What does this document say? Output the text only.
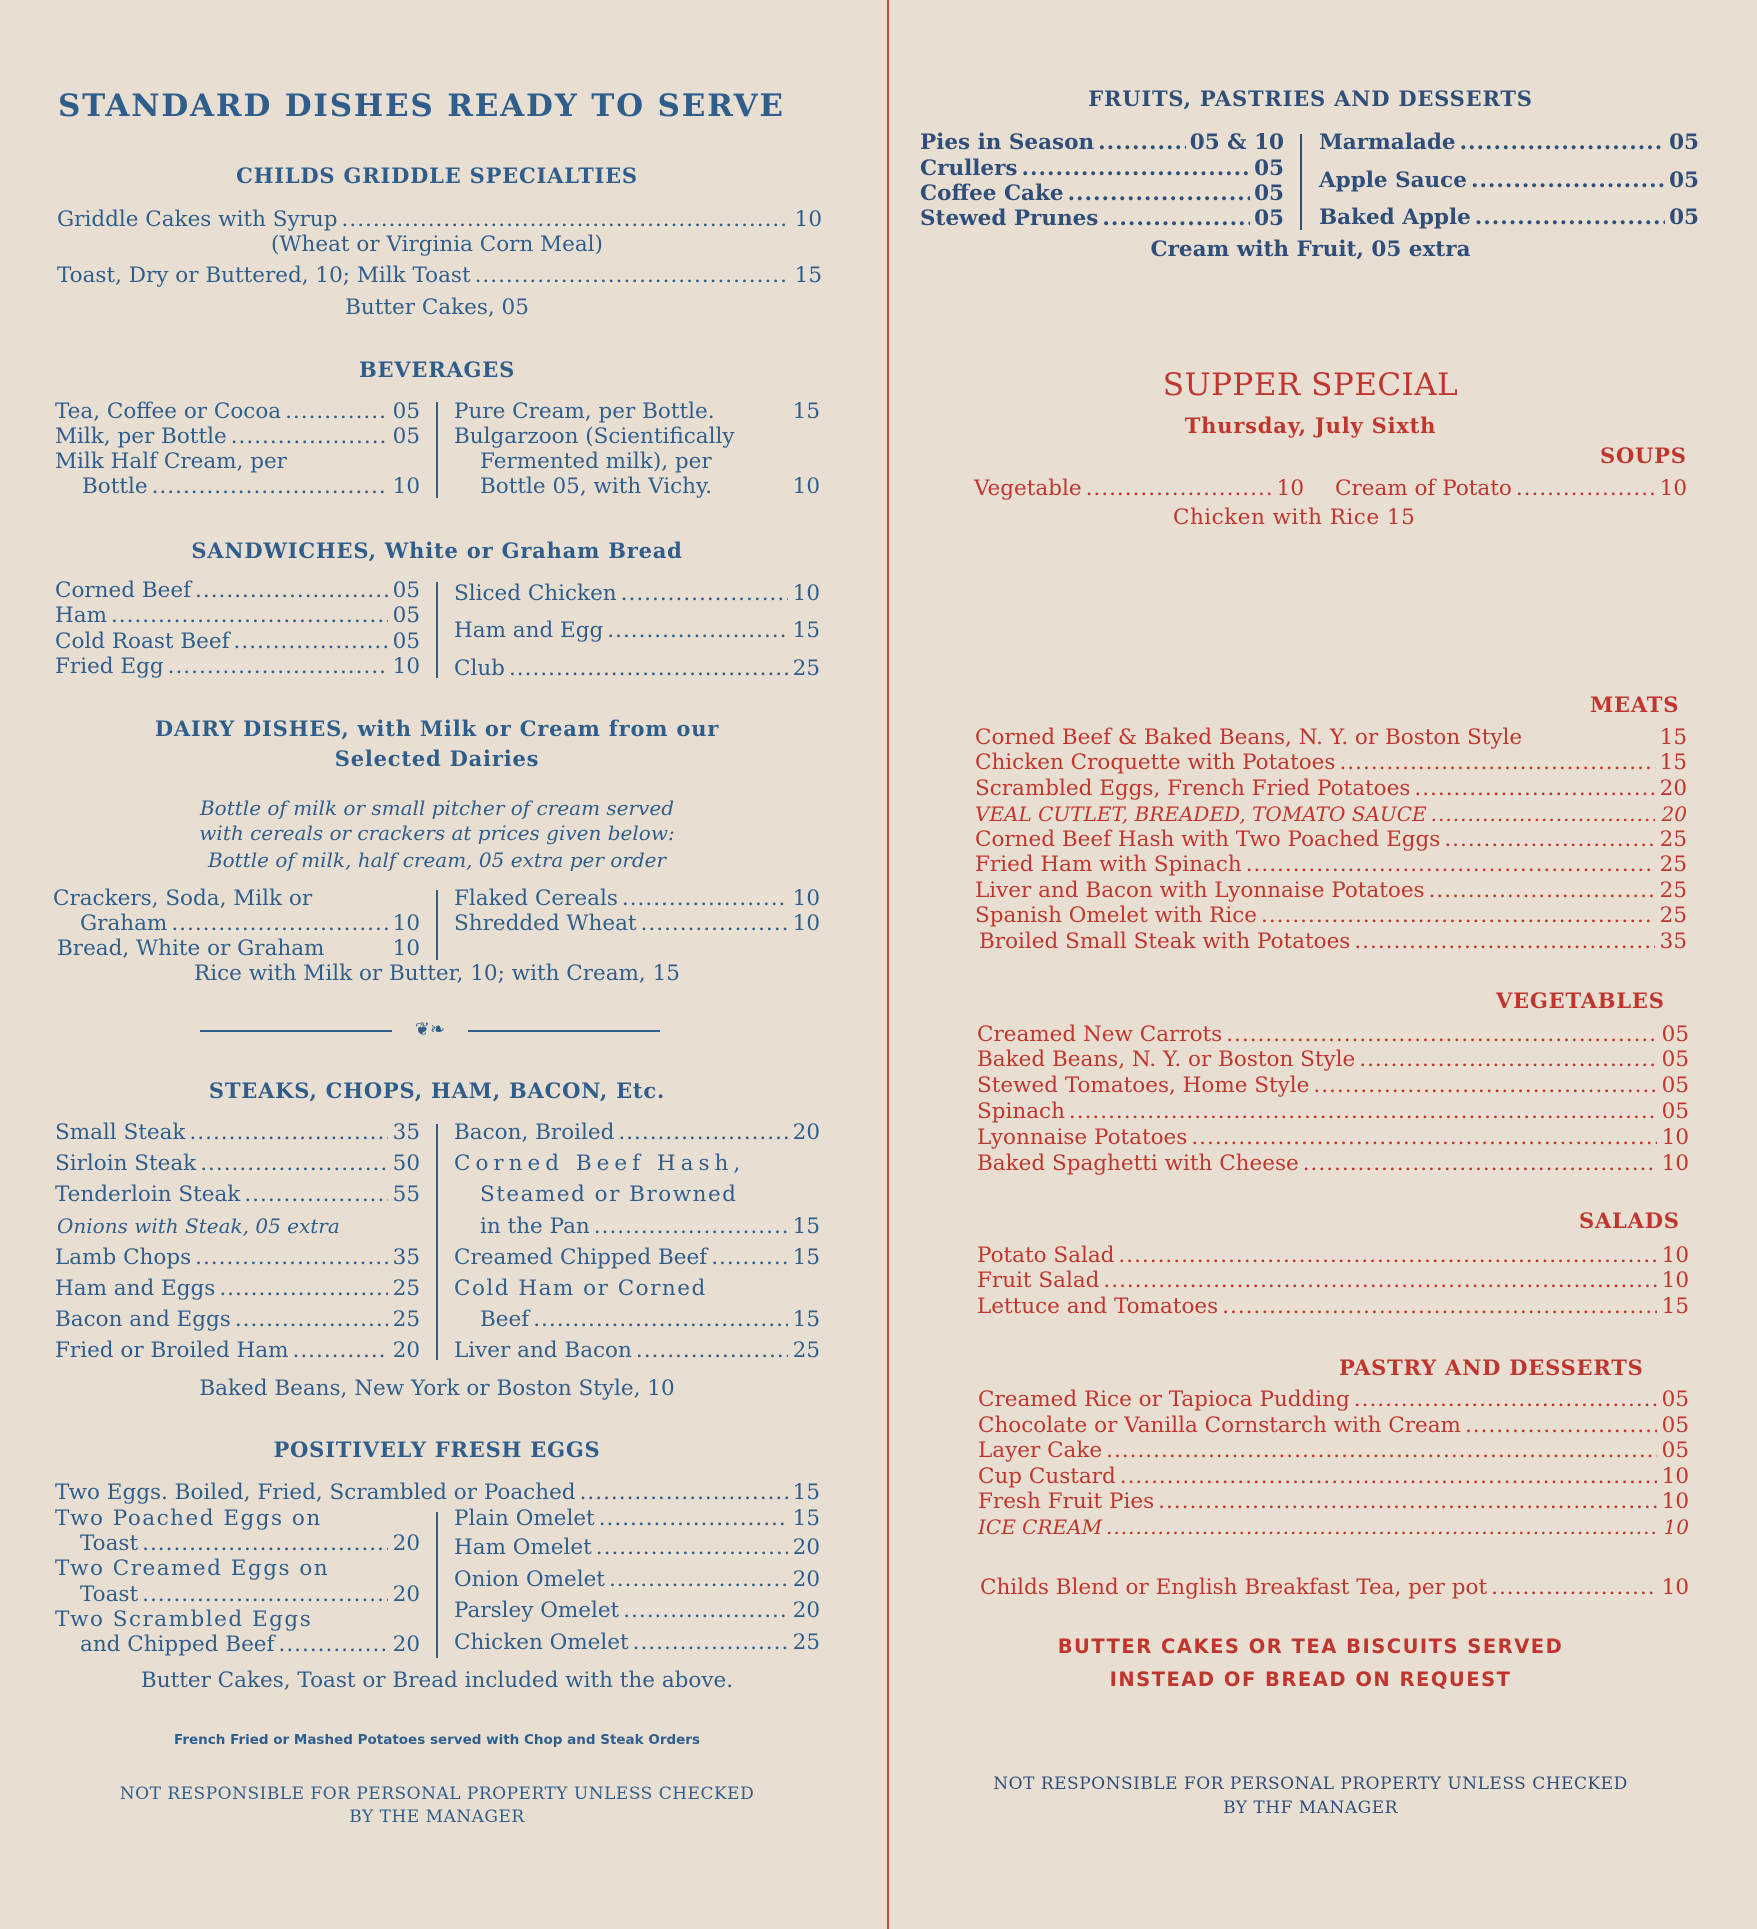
STANDARD DISHES READY TO SERVE
CHILDS GRIDDLE SPECIALTIES
Griddle Cakes with Syrup .....	10
(Wheat or Virginia Corn Meal)
Toast, Dry or Buttered, 10; Milk Toast .....	15
Butter Cakes, 05
BEVERAGES
Tea, Coffee or Cocoa .....	05
Milk, per Bottle .....	05
Milk Half Cream, per
Bottle .....	10
Pure Cream, per Bottle.	15
Bulgarzoon (Scientifically
Fermented milk), per
Bottle 05, with Vichy.	10
SANDWICHES, White or Graham Bread
Corned Beef .....	05
Ham .....	05
Cold Roast Beef .....	05
Fried Egg .....	10
Sliced Chicken .....	10
Ham and Egg .....	15
Club .....	25
DAIRY DISHES, with Milk or Cream from our
Selected Dairies
Bottle of milk or small pitcher of cream served
with cereals or crackers at prices given below:
Bottle of milk, half cream, 05 extra per order
Crackers, Soda, Milk or
Graham .....	10
Bread, White or Graham	10
Flaked Cereals .....	10
Shredded Wheat .....	10
Rice with Milk or Butter, 10; with Cream, 15
❦❧
STEAKS, CHOPS, HAM, BACON, Etc.
Small Steak .....	35
Sirloin Steak .....	50
Tenderloin Steak .....	55
Onions with Steak, 05 extra
Lamb Chops .....	35
Ham and Eggs .....	25
Bacon and Eggs .....	25
Fried or Broiled Ham .....	20
Bacon, Broiled .....	20
Corned Beef Hash,
Steamed or Browned
in the Pan .....	15
Creamed Chipped Beef .....	15
Cold Ham or Corned
Beef .....	15
Liver and Bacon .....	25
Baked Beans, New York or Boston Style, 10
POSITIVELY FRESH EGGS
Two Eggs. Boiled, Fried, Scrambled or Poached .....	15
Two Poached Eggs on
Toast .....	20
Two Creamed Eggs on
Toast .....	20
Two Scrambled Eggs
and Chipped Beef .....	20
Plain Omelet .....	15
Ham Omelet .....	20
Onion Omelet .....	20
Parsley Omelet .....	20
Chicken Omelet .....	25
Butter Cakes, Toast or Bread included with the above.
French Fried or Mashed Potatoes served with Chop and Steak Orders
NOT RESPONSIBLE FOR PERSONAL PROPERTY UNLESS CHECKED
BY THE MANAGER
FRUITS, PASTRIES AND DESSERTS
Pies in Season .....	05 & 10
Crullers .....	05
Coffee Cake .....	05
Stewed Prunes .....	05
Marmalade .....	05
Apple Sauce .....	05
Baked Apple .....	05
Cream with Fruit, 05 extra
SUPPER SPECIAL
Thursday, July Sixth
SOUPS
Vegetable .....	10 Cream of Potato .....	10
Chicken with Rice 15
MEATS
Corned Beef & Baked Beans, N. Y. or Boston Style	15
Chicken Croquette with Potatoes .....	15
Scrambled Eggs, French Fried Potatoes .....	20
VEAL CUTLET, BREADED, TOMATO SAUCE .....	20
Corned Beef Hash with Two Poached Eggs .....	25
Fried Ham with Spinach .....	25
Liver and Bacon with Lyonnaise Potatoes .....	25
Spanish Omelet with Rice .....	25
Broiled Small Steak with Potatoes .....	35
VEGETABLES
Creamed New Carrots .....	05
Baked Beans, N. Y. or Boston Style .....	05
Stewed Tomatoes, Home Style .....	05
Spinach .....	05
Lyonnaise Potatoes .....	10
Baked Spaghetti with Cheese .....	10
SALADS
Potato Salad .....	10
Fruit Salad .....	10
Lettuce and Tomatoes .....	15
PASTRY AND DESSERTS
Creamed Rice or Tapioca Pudding .....	05
Chocolate or Vanilla Cornstarch with Cream .....	05
Layer Cake .....	05
Cup Custard .....	10
Fresh Fruit Pies .....	10
ICE CREAM .....	10
Childs Blend or English Breakfast Tea, per pot .....	10
BUTTER CAKES OR TEA BISCUITS SERVED
INSTEAD OF BREAD ON REQUEST
NOT RESPONSIBLE FOR PERSONAL PROPERTY UNLESS CHECKED
BY THF MANAGER
